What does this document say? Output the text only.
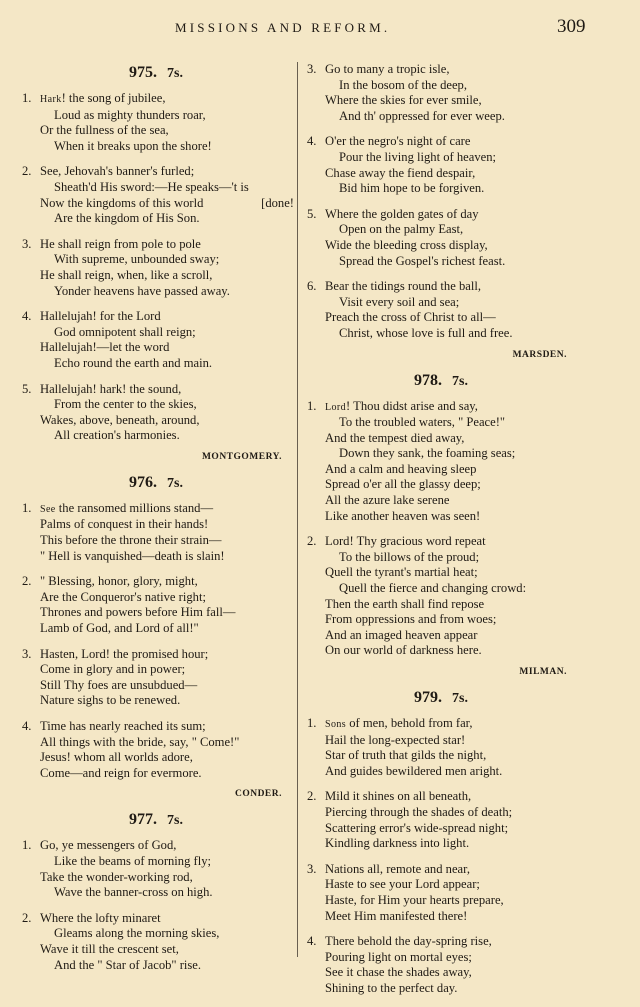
MISSIONS AND REFORM.	309
975. 7s.
1. Hark! the song of jubilee,
Loud as mighty thunders roar,
Or the fullness of the sea,
When it breaks upon the shore!
2. See, Jehovah's banner's furled;
Sheath'd His sword:—He speaks—'t is
Now the kingdoms of this world	[done!
Are the kingdom of His Son.
3. He shall reign from pole to pole
With supreme, unbounded sway;
He shall reign, when, like a scroll,
Yonder heavens have passed away.
4. Hallelujah! for the Lord
God omnipotent shall reign;
Hallelujah!—let the word
Echo round the earth and main.
5. Hallelujah! hark! the sound,
From the center to the skies,
Wakes, above, beneath, around,
All creation's harmonies.
MONTGOMERY.
976. 7s.
1. See the ransomed millions stand—
Palms of conquest in their hands!
This before the throne their strain—
" Hell is vanquished—death is slain!
2. " Blessing, honor, glory, might,
Are the Conqueror's native right;
Thrones and powers before Him fall—
Lamb of God, and Lord of all!"
3. Hasten, Lord! the promised hour;
Come in glory and in power;
Still Thy foes are unsubdued—
Nature sighs to be renewed.
4. Time has nearly reached its sum;
All things with the bride, say, " Come!"
Jesus! whom all worlds adore,
Come—and reign for evermore.
CONDER.
977. 7s.
1. Go, ye messengers of God,
Like the beams of morning fly;
Take the wonder-working rod,
Wave the banner-cross on high.
2. Where the lofty minaret
Gleams along the morning skies,
Wave it till the crescent set,
And the " Star of Jacob" rise.
3. Go to many a tropic isle,
In the bosom of the deep,
Where the skies for ever smile,
And th' oppressed for ever weep.
4. O'er the negro's night of care
Pour the living light of heaven;
Chase away the fiend despair,
Bid him hope to be forgiven.
5. Where the golden gates of day
Open on the palmy East,
Wide the bleeding cross display,
Spread the Gospel's richest feast.
6. Bear the tidings round the ball,
Visit every soil and sea;
Preach the cross of Christ to all—
Christ, whose love is full and free.
MARSDEN.
978. 7s.
1. Lord! Thou didst arise and say,
To the troubled waters, " Peace!"
And the tempest died away,
Down they sank, the foaming seas;
And a calm and heaving sleep
Spread o'er all the glassy deep;
All the azure lake serene
Like another heaven was seen!
2. Lord! Thy gracious word repeat
To the billows of the proud;
Quell the tyrant's martial heat;
Quell the fierce and changing crowd:
Then the earth shall find repose
From oppressions and from woes;
And an imaged heaven appear
On our world of darkness here.
MILMAN.
979. 7s.
1. Sons of men, behold from far,
Hail the long-expected star!
Star of truth that gilds the night,
And guides bewildered men aright.
2. Mild it shines on all beneath,
Piercing through the shades of death;
Scattering error's wide-spread night;
Kindling darkness into light.
3. Nations all, remote and near,
Haste to see your Lord appear;
Haste, for Him your hearts prepare,
Meet Him manifested there!
4. There behold the day-spring rise,
Pouring light on mortal eyes;
See it chase the shades away,
Shining to the perfect day.
